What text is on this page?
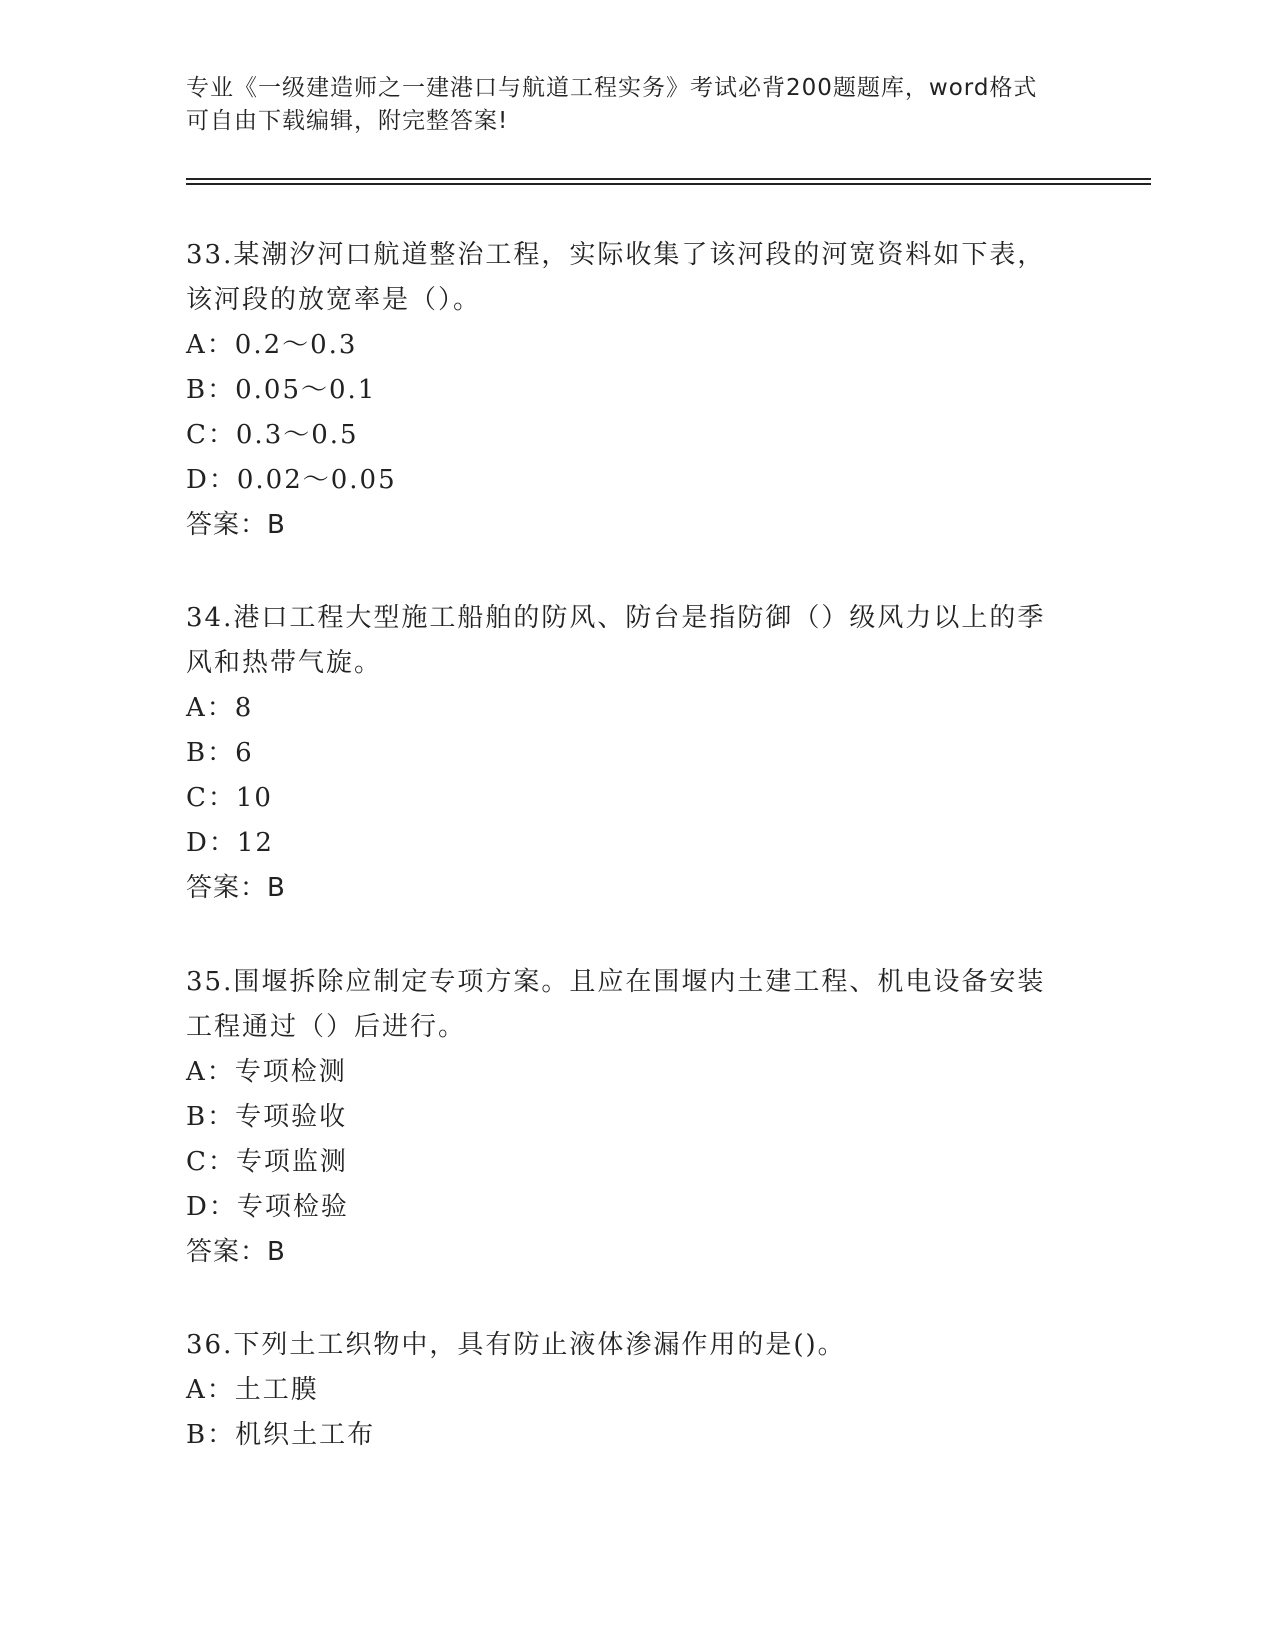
专业《一级建造师之一建港口与航道工程实务》考试必背200题题库，word格式
可自由下载编辑，附完整答案!

33.某潮汐河口航道整治工程，实际收集了该河段的河宽资料如下表，

该河段的放宽率是（）。

A：0.2～0.3

B：0.05～0.1

C：0.3～0.5

D：0.02～0.05

答案：B

34.港口工程大型施工船舶的防风、防台是指防御（）级风力以上的季

风和热带气旋。

A：8

B：6

C：10

D：12

答案：B

35.围堰拆除应制定专项方案。且应在围堰内土建工程、机电设备安装

工程通过（）后进行。

A：专项检测

B：专项验收

C：专项监测

D：专项检验

答案：B

36.下列土工织物中，具有防止液体渗漏作用的是()。

A：土工膜

B：机织土工布
